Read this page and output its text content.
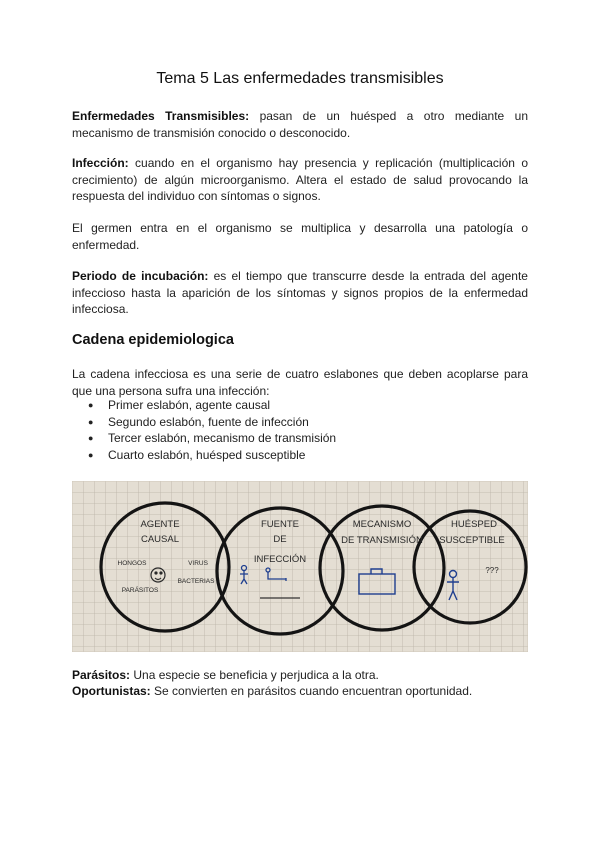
Tema 5 Las enfermedades transmisibles

Enfermedades Transmisibles: pasan de un huésped a otro mediante un mecanismo de transmisión conocido o desconocido.

Infección: cuando en el organismo hay presencia y replicación (multiplicación o crecimiento) de algún microorganismo. Altera el estado de salud provocando la respuesta del individuo con síntomas o signos.

El germen entra en el organismo se multiplica y desarrolla una patología o enfermedad.

Periodo de incubación: es el tiempo que transcurre desde la entrada del agente infeccioso hasta la aparición de los síntomas y signos propios de la enfermedad infecciosa.

Cadena epidemiologica

La cadena infecciosa es una serie de cuatro eslabones que deben acoplarse para que una persona sufra una infección:

● Primer eslabón, agente causal
● Segundo eslabón, fuente de infección
● Tercer eslabón, mecanismo de transmisión
● Cuarto eslabón, huésped susceptible
AGENTE
CAUSAL
HONGOS	VIRUS
BACTERIAS
PARÁSITOS
FUENTE
DE
INFECCIÓN
MECANISMO
DE TRANSMISIÓN
HUÉSPED
SUSCEPTIBLE
???

Parásitos: Una especie se beneficia y perjudica a la otra.

Oportunistas: Se convierten en parásitos cuando encuentran oportunidad.
